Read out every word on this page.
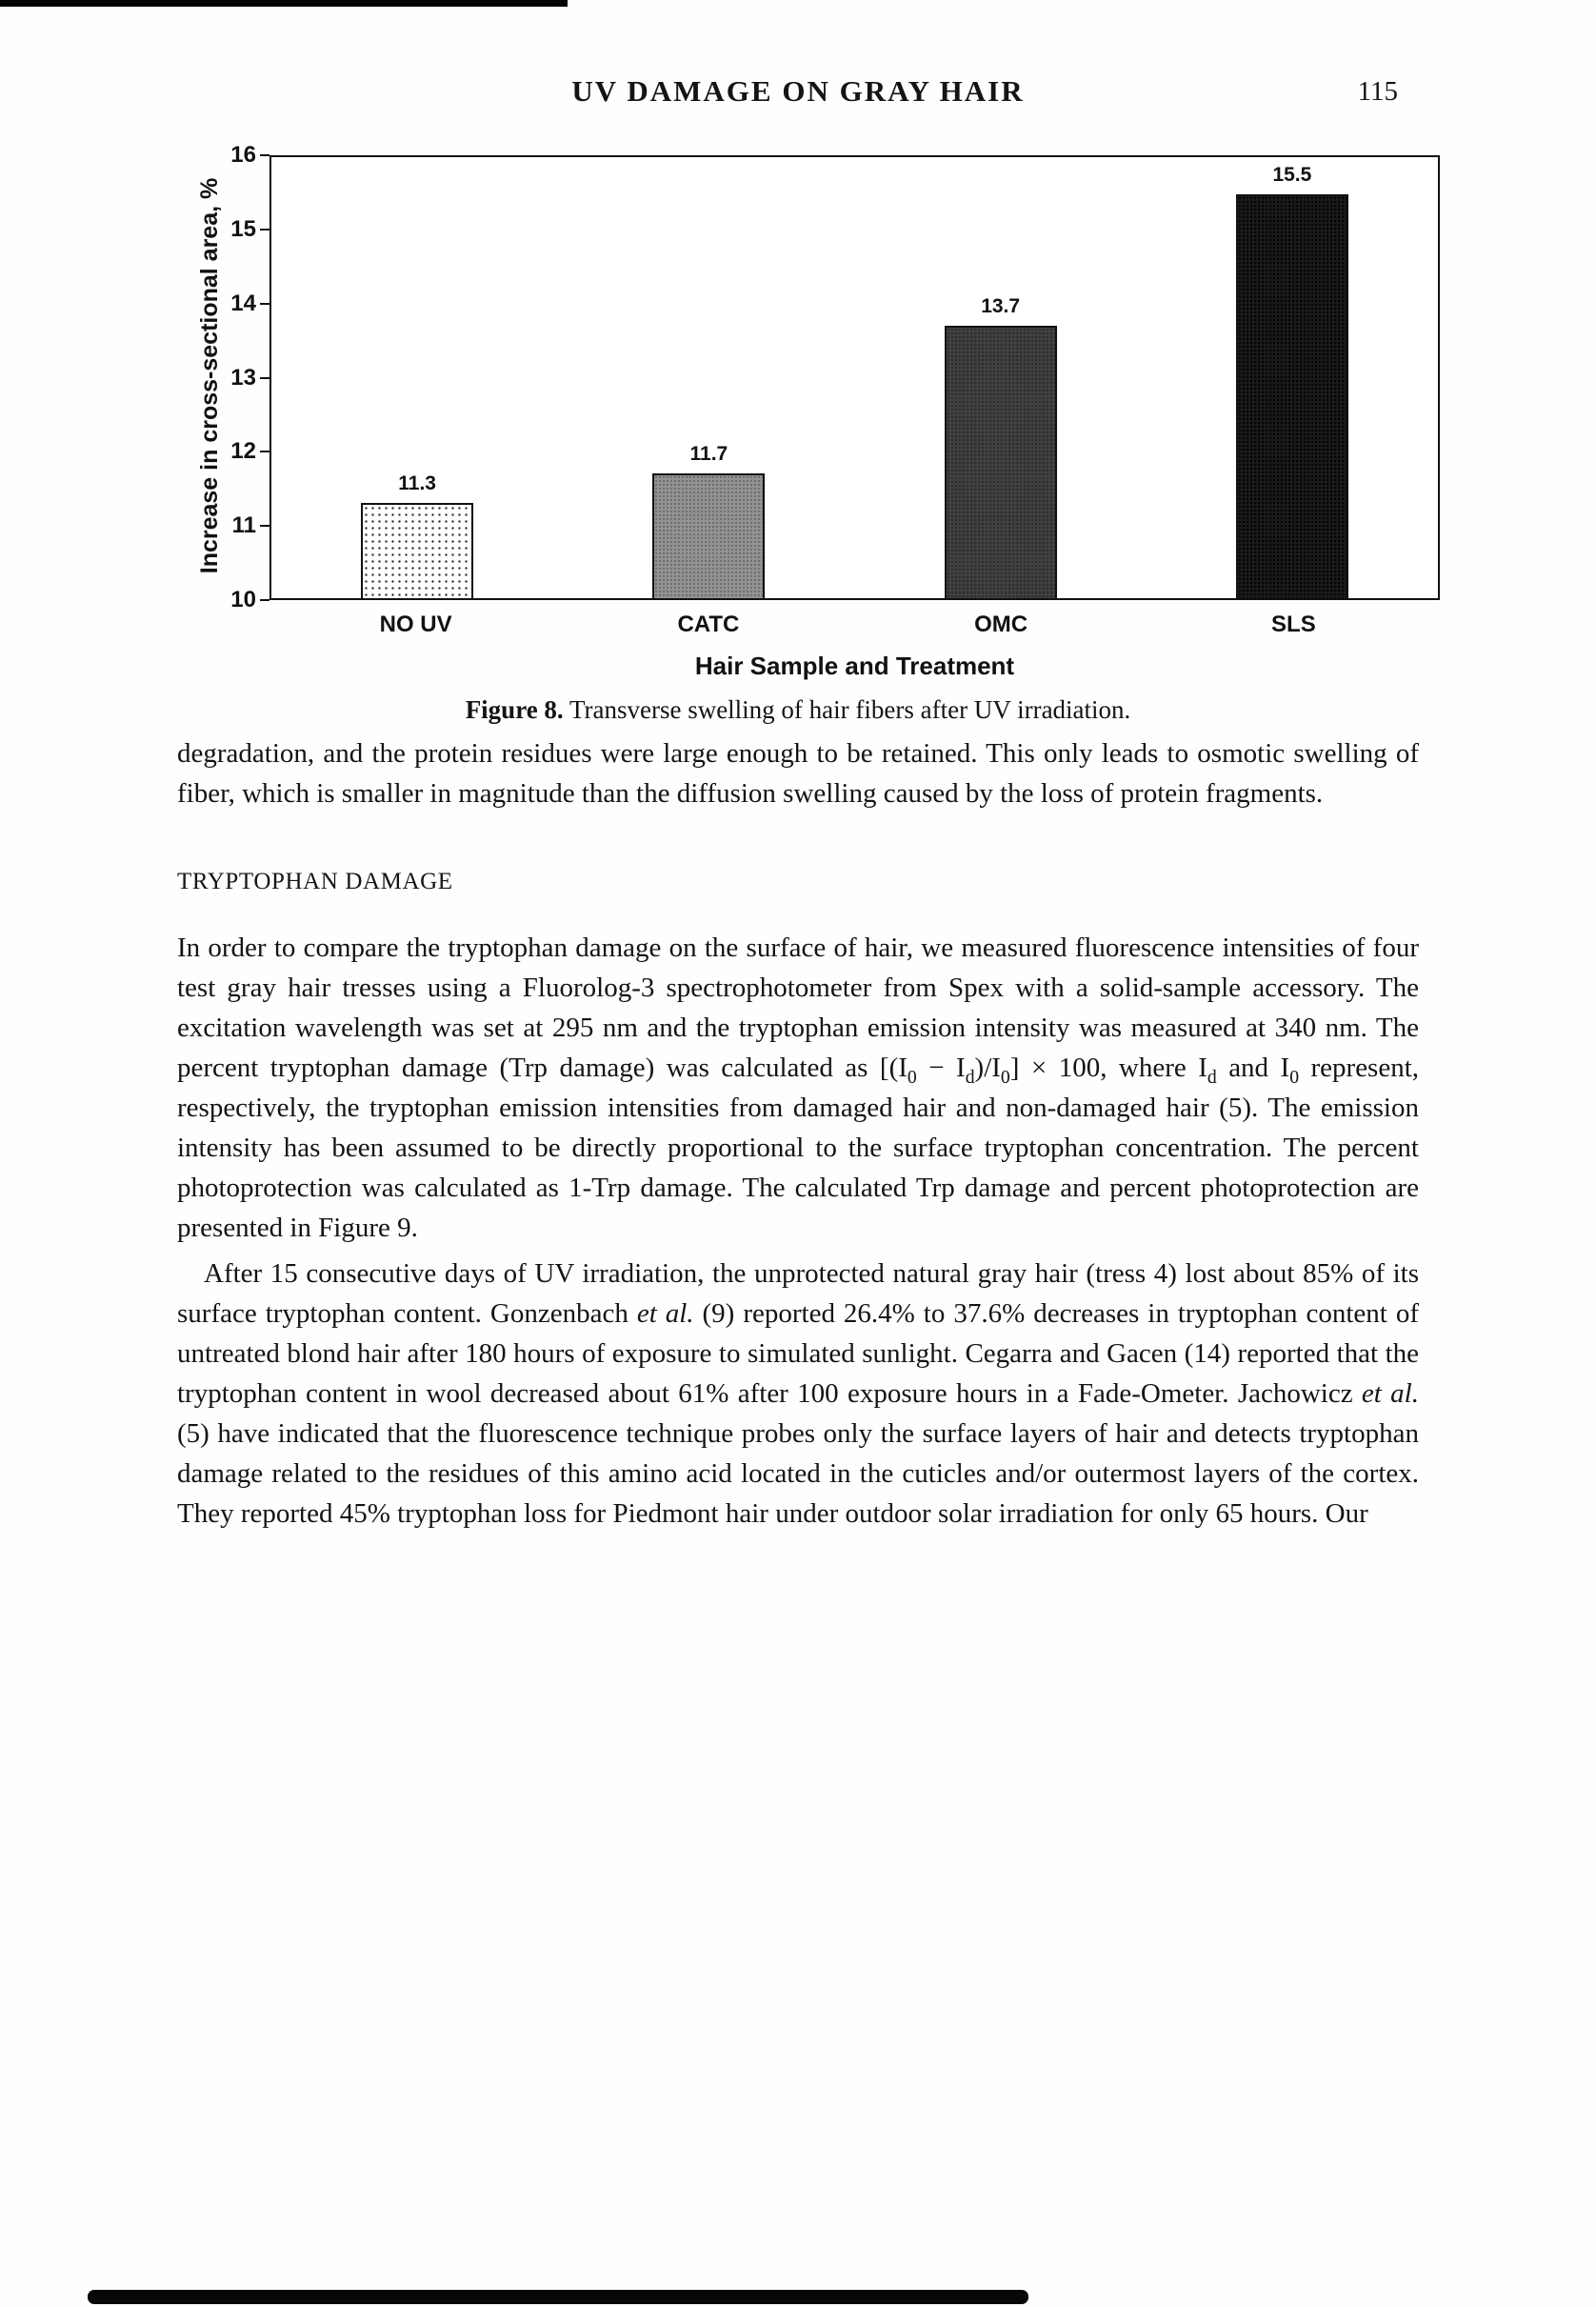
UV DAMAGE ON GRAY HAIR	115
Increase in cross-sectional area, %
10
11
12
13
14
15
16
11.3
11.7
13.7
15.5
NO UV	CATC	OMC	SLS
Hair Sample and Treatment
Figure 8. Transverse swelling of hair fibers after UV irradiation.

degradation, and the protein residues were large enough to be retained. This only leads to osmotic swelling of fiber, which is smaller in magnitude than the diffusion swelling caused by the loss of protein fragments.

TRYPTOPHAN DAMAGE

In order to compare the tryptophan damage on the surface of hair, we measured fluorescence intensities of four test gray hair tresses using a Fluorolog-3 spectrophotometer from Spex with a solid-sample accessory. The excitation wavelength was set at 295 nm and the tryptophan emission intensity was measured at 340 nm. The percent tryptophan damage (Trp damage) was calculated as $[(I_0 - I_d)/I_0] \times 100$, where $I_d$ and $I_0$ represent, respectively, the tryptophan emission intensities from damaged hair and non-damaged hair (5). The emission intensity has been assumed to be directly proportional to the surface tryptophan concentration. The percent photoprotection was calculated as 1-Trp damage. The calculated Trp damage and percent photoprotection are presented in Figure 9.

After 15 consecutive days of UV irradiation, the unprotected natural gray hair (tress 4) lost about 85% of its surface tryptophan content. Gonzenbach et al. (9) reported 26.4% to 37.6% decreases in tryptophan content of untreated blond hair after 180 hours of exposure to simulated sunlight. Cegarra and Gacen (14) reported that the tryptophan content in wool decreased about 61% after 100 exposure hours in a Fade-Ometer. Jachowicz et al. (5) have indicated that the fluorescence technique probes only the surface layers of hair and detects tryptophan damage related to the residues of this amino acid located in the cuticles and/or outermost layers of the cortex. They reported 45% tryptophan loss for Piedmont hair under outdoor solar irradiation for only 65 hours. Our
